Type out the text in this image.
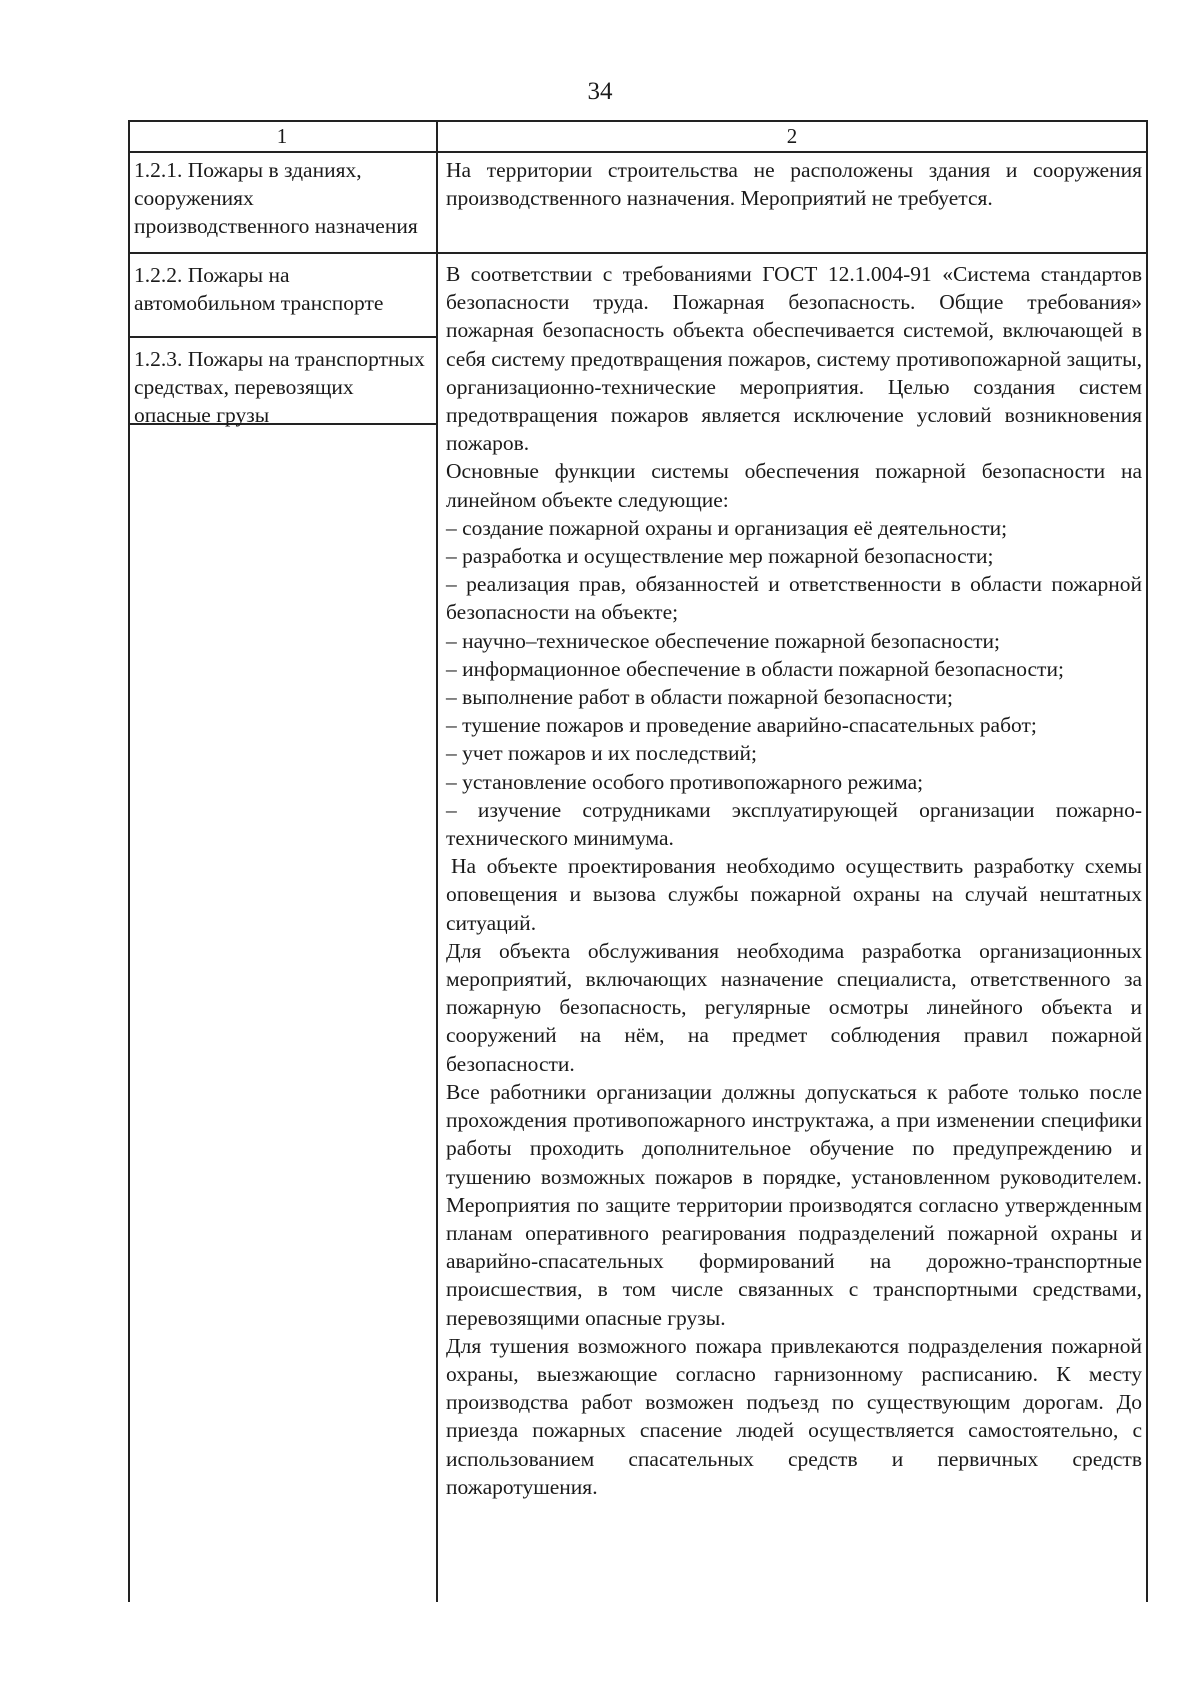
34
1	2
1.2.1. Пожары в зданиях, сооружениях производственного назначения

На территории строительства не расположены здания и сооружения производственного назначения. Мероприятий не требуется.

1.2.2. Пожары на автомобильном транспорте
1.2.3. Пожары на транспортных средствах, перевозящих опасные грузы

В соответствии с требованиями ГОСТ 12.1.004-91 «Система стандартов безопасности труда. Пожарная безопасность. Общие требования» пожарная безопасность объекта обеспечивается системой, включающей в себя систему предотвращения пожаров, систему противопожарной защиты, организационно-технические мероприятия. Целью создания систем предотвращения пожаров является исключение условий возникновения пожаров.

Основные функции системы обеспечения пожарной безопасности на линейном объекте следующие:

– создание пожарной охраны и организация её деятельности;

– разработка и осуществление мер пожарной безопасности;

– реализация прав, обязанностей и ответственности в области пожарной безопасности на объекте;

– научно–техническое обеспечение пожарной безопасности;

– информационное обеспечение в области пожарной безопасности;

– выполнение работ в области пожарной безопасности;

– тушение пожаров и проведение аварийно-спасательных работ;

– учет пожаров и их последствий;

– установление особого противопожарного режима;

– изучение сотрудниками эксплуатирующей организации пожарно-технического минимума.

На объекте проектирования необходимо осуществить разработку схемы оповещения и вызова службы пожарной охраны на случай нештатных ситуаций.

Для объекта обслуживания необходима разработка организационных мероприятий, включающих назначение специалиста, ответственного за пожарную безопасность, регулярные осмотры линейного объекта и сооружений на нём, на предмет соблюдения правил пожарной безопасности.

Все работники организации должны допускаться к работе только после прохождения противопожарного инструктажа, а при изменении специфики работы проходить дополнительное обучение по предупреждению и тушению возможных пожаров в порядке, установленном руководителем. Мероприятия по защите территории производятся согласно утвержденным планам оперативного реагирования подразделений пожарной охраны и аварийно-спасательных формирований на дорожно-транспортные происшествия, в том числе связанных с транспортными средствами, перевозящими опасные грузы.

Для тушения возможного пожара привлекаются подразделения пожарной охраны, выезжающие согласно гарнизонному расписанию. К месту производства работ возможен подъезд по существующим дорогам. До приезда пожарных спасение людей осуществляется самостоятельно, с использованием спасательных средств и первичных средств пожаротушения.
